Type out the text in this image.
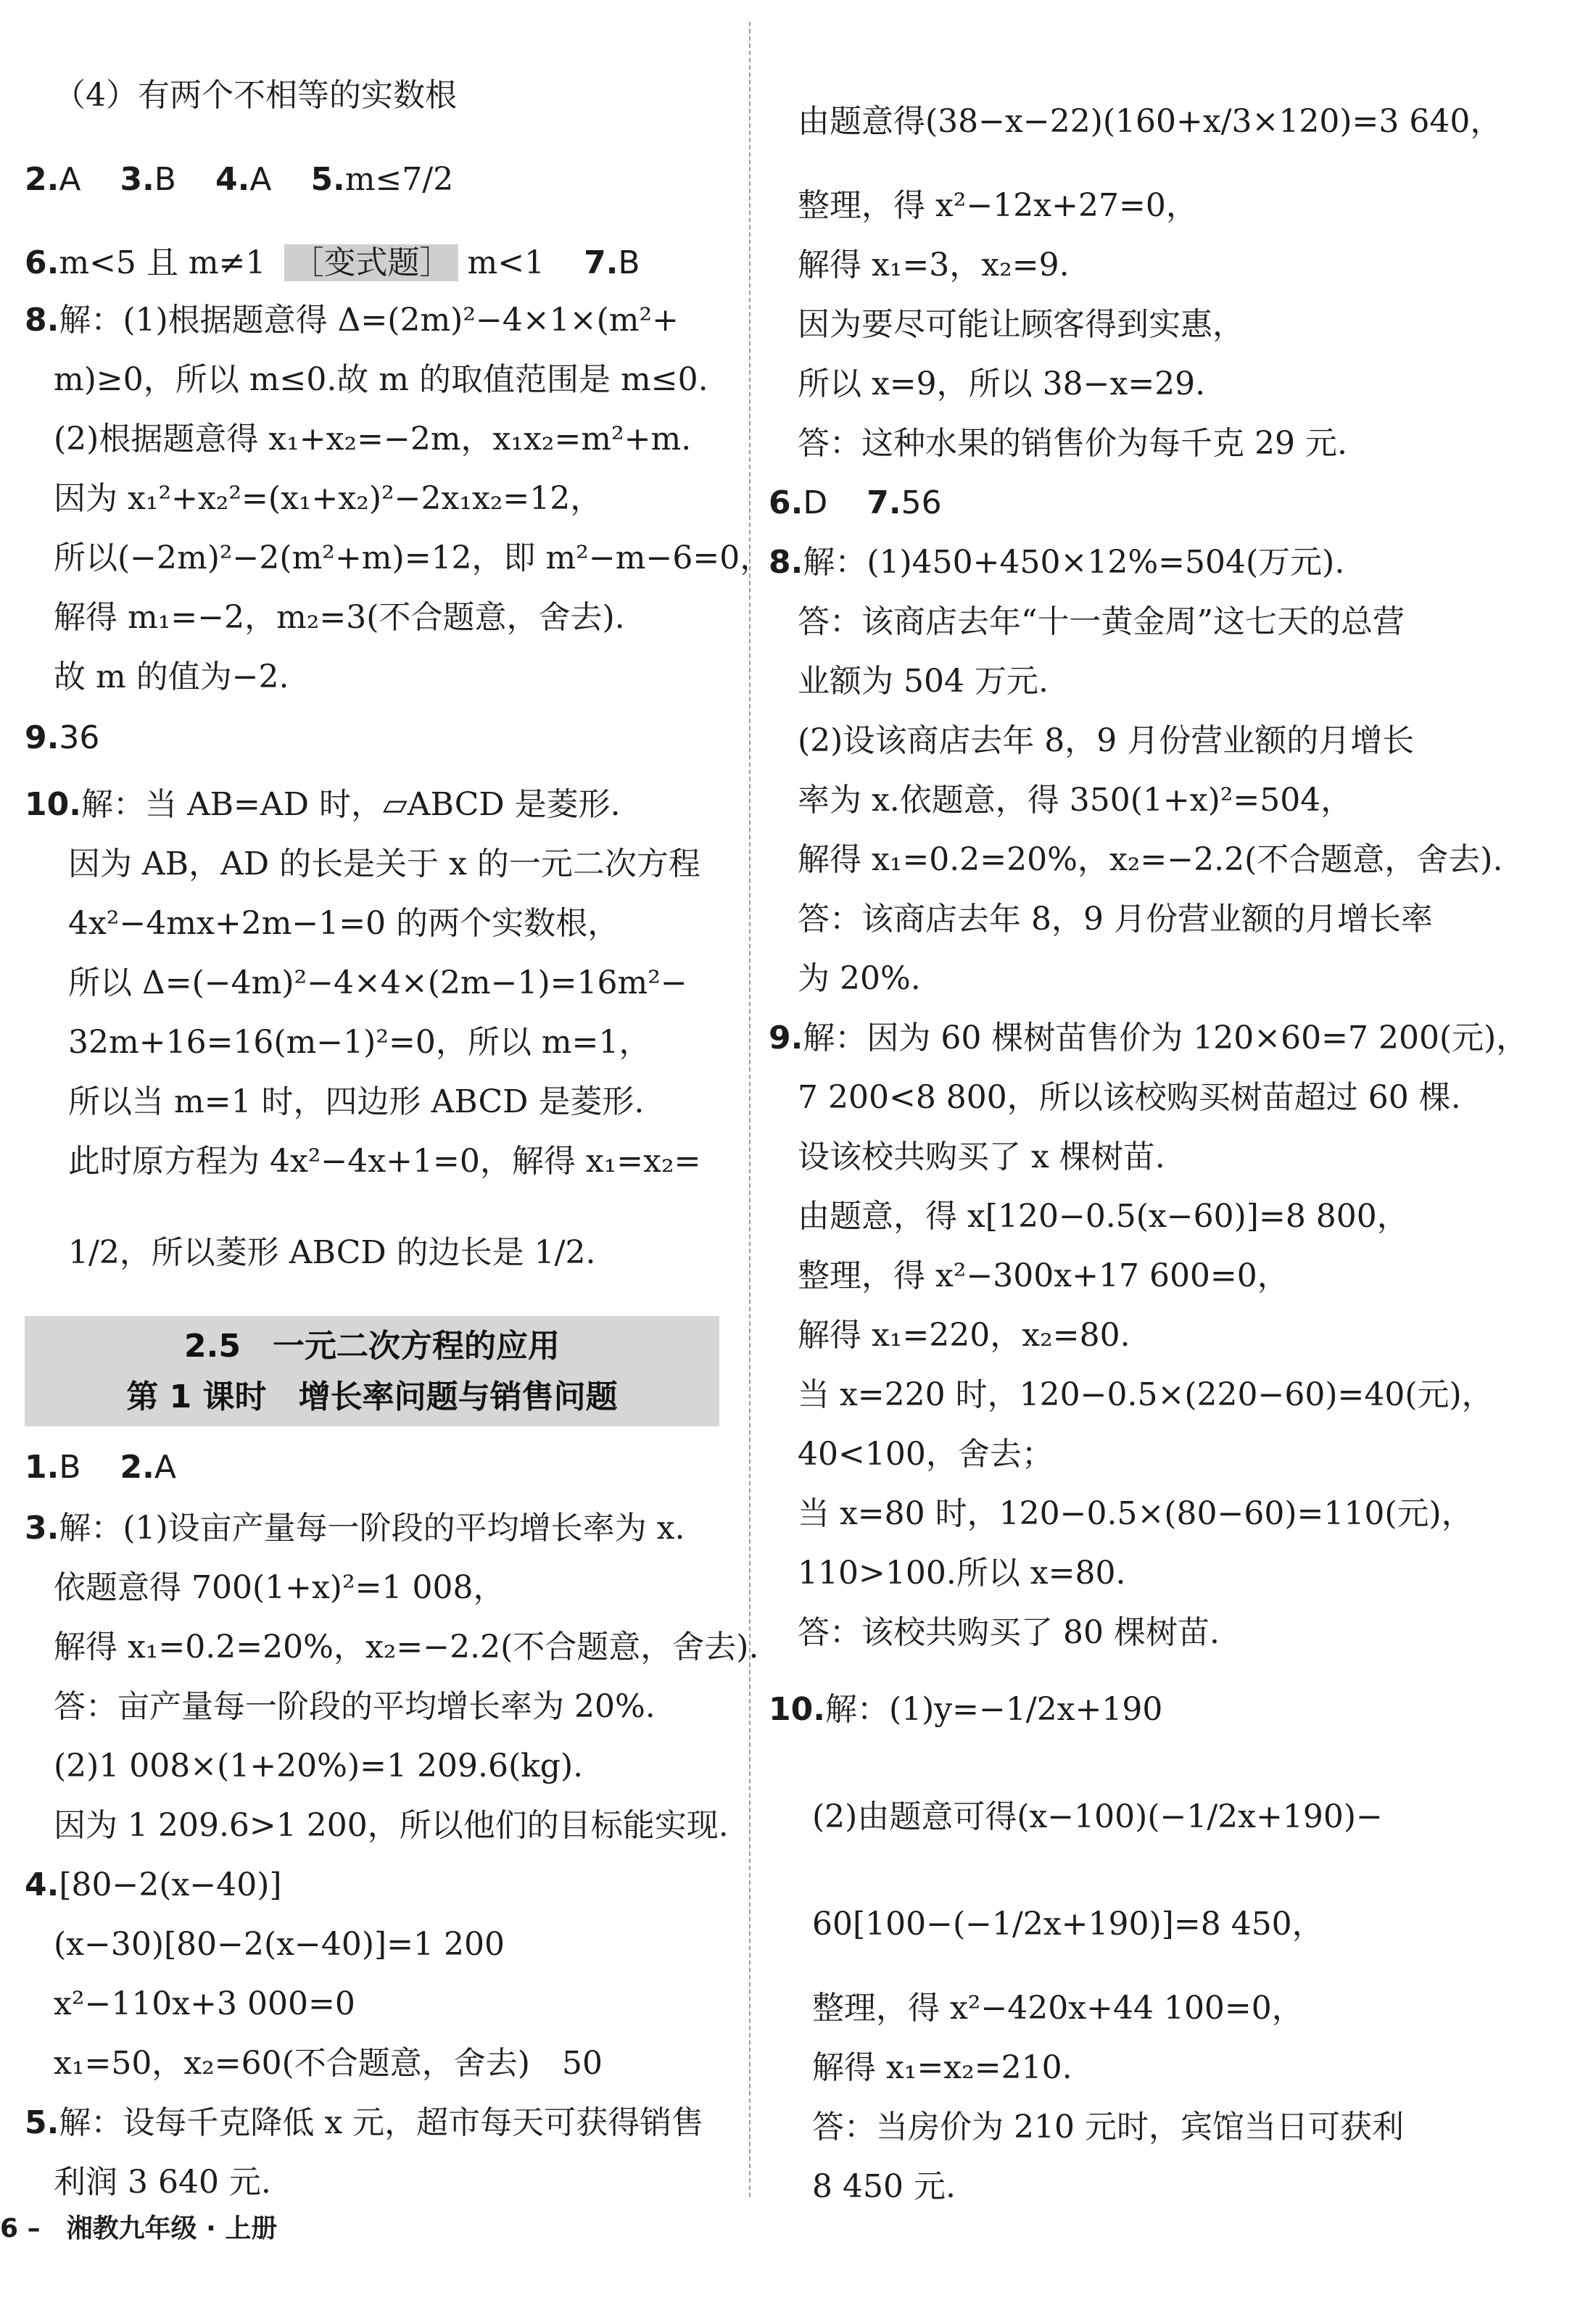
（4）有两个不相等的实数根
2.A 3.B 4.A 5.m≤7/2
6.m<5 且 m≠1 ［变式题］ m<1 7.B
8.解：(1)根据题意得 Δ=(2m)²−4×1×(m²+
m)≥0，所以 m≤0.故 m 的取值范围是 m≤0.
(2)根据题意得 x₁+x₂=−2m，x₁x₂=m²+m.
因为 x₁²+x₂²=(x₁+x₂)²−2x₁x₂=12，
所以(−2m)²−2(m²+m)=12，即 m²−m−6=0，
解得 m₁=−2，m₂=3(不合题意，舍去).
故 m 的值为−2.
9.36
10.解：当 AB=AD 时，▱ABCD 是菱形.
因为 AB，AD 的长是关于 x 的一元二次方程
4x²−4mx+2m−1=0 的两个实数根，
所以 Δ=(−4m)²−4×4×(2m−1)=16m²−
32m+16=16(m−1)²=0，所以 m=1，
所以当 m=1 时，四边形 ABCD 是菱形.
此时原方程为 4x²−4x+1=0，解得 x₁=x₂=
1/2，所以菱形 ABCD 的边长是 1/2.
2.5　一元二次方程的应用
第 1 课时　增长率问题与销售问题
1.B 2.A
3.解：(1)设亩产量每一阶段的平均增长率为 x.
依题意得 700(1+x)²=1 008，
解得 x₁=0.2=20%，x₂=−2.2(不合题意，舍去).
答：亩产量每一阶段的平均增长率为 20%.
(2)1 008×(1+20%)=1 209.6(kg).
因为 1 209.6>1 200，所以他们的目标能实现.
4.[80−2(x−40)]
(x−30)[80−2(x−40)]=1 200
x²−110x+3 000=0
x₁=50，x₂=60(不合题意，舍去)　50
5.解：设每千克降低 x 元，超市每天可获得销售
利润 3 640 元.
由题意得(38−x−22)(160+x/3×120)=3 640，
整理，得 x²−12x+27=0，
解得 x₁=3，x₂=9.
因为要尽可能让顾客得到实惠，
所以 x=9，所以 38−x=29.
答：这种水果的销售价为每千克 29 元.
6.D 7.56
8.解：(1)450+450×12%=504(万元).
答：该商店去年“十一黄金周”这七天的总营
业额为 504 万元.
(2)设该商店去年 8，9 月份营业额的月增长
率为 x.依题意，得 350(1+x)²=504，
解得 x₁=0.2=20%，x₂=−2.2(不合题意，舍去).
答：该商店去年 8，9 月份营业额的月增长率
为 20%.
9.解：因为 60 棵树苗售价为 120×60=7 200(元)，
7 200<8 800，所以该校购买树苗超过 60 棵.
设该校共购买了 x 棵树苗.
由题意，得 x[120−0.5(x−60)]=8 800，
整理，得 x²−300x+17 600=0，
解得 x₁=220，x₂=80.
当 x=220 时，120−0.5×(220−60)=40(元)，
40<100，舍去；
当 x=80 时，120−0.5×(80−60)=110(元)，
110>100.所以 x=80.
答：该校共购买了 80 棵树苗.
10.解：(1)y=−1/2x+190
(2)由题意可得(x−100)(−1/2x+190)−
60[100−(−1/2x+190)]=8 450，
整理，得 x²−420x+44 100=0，
解得 x₁=x₂=210.
答：当房价为 210 元时，宾馆当日可获利
8 450 元.
6 –　湘教九年级 · 上册
